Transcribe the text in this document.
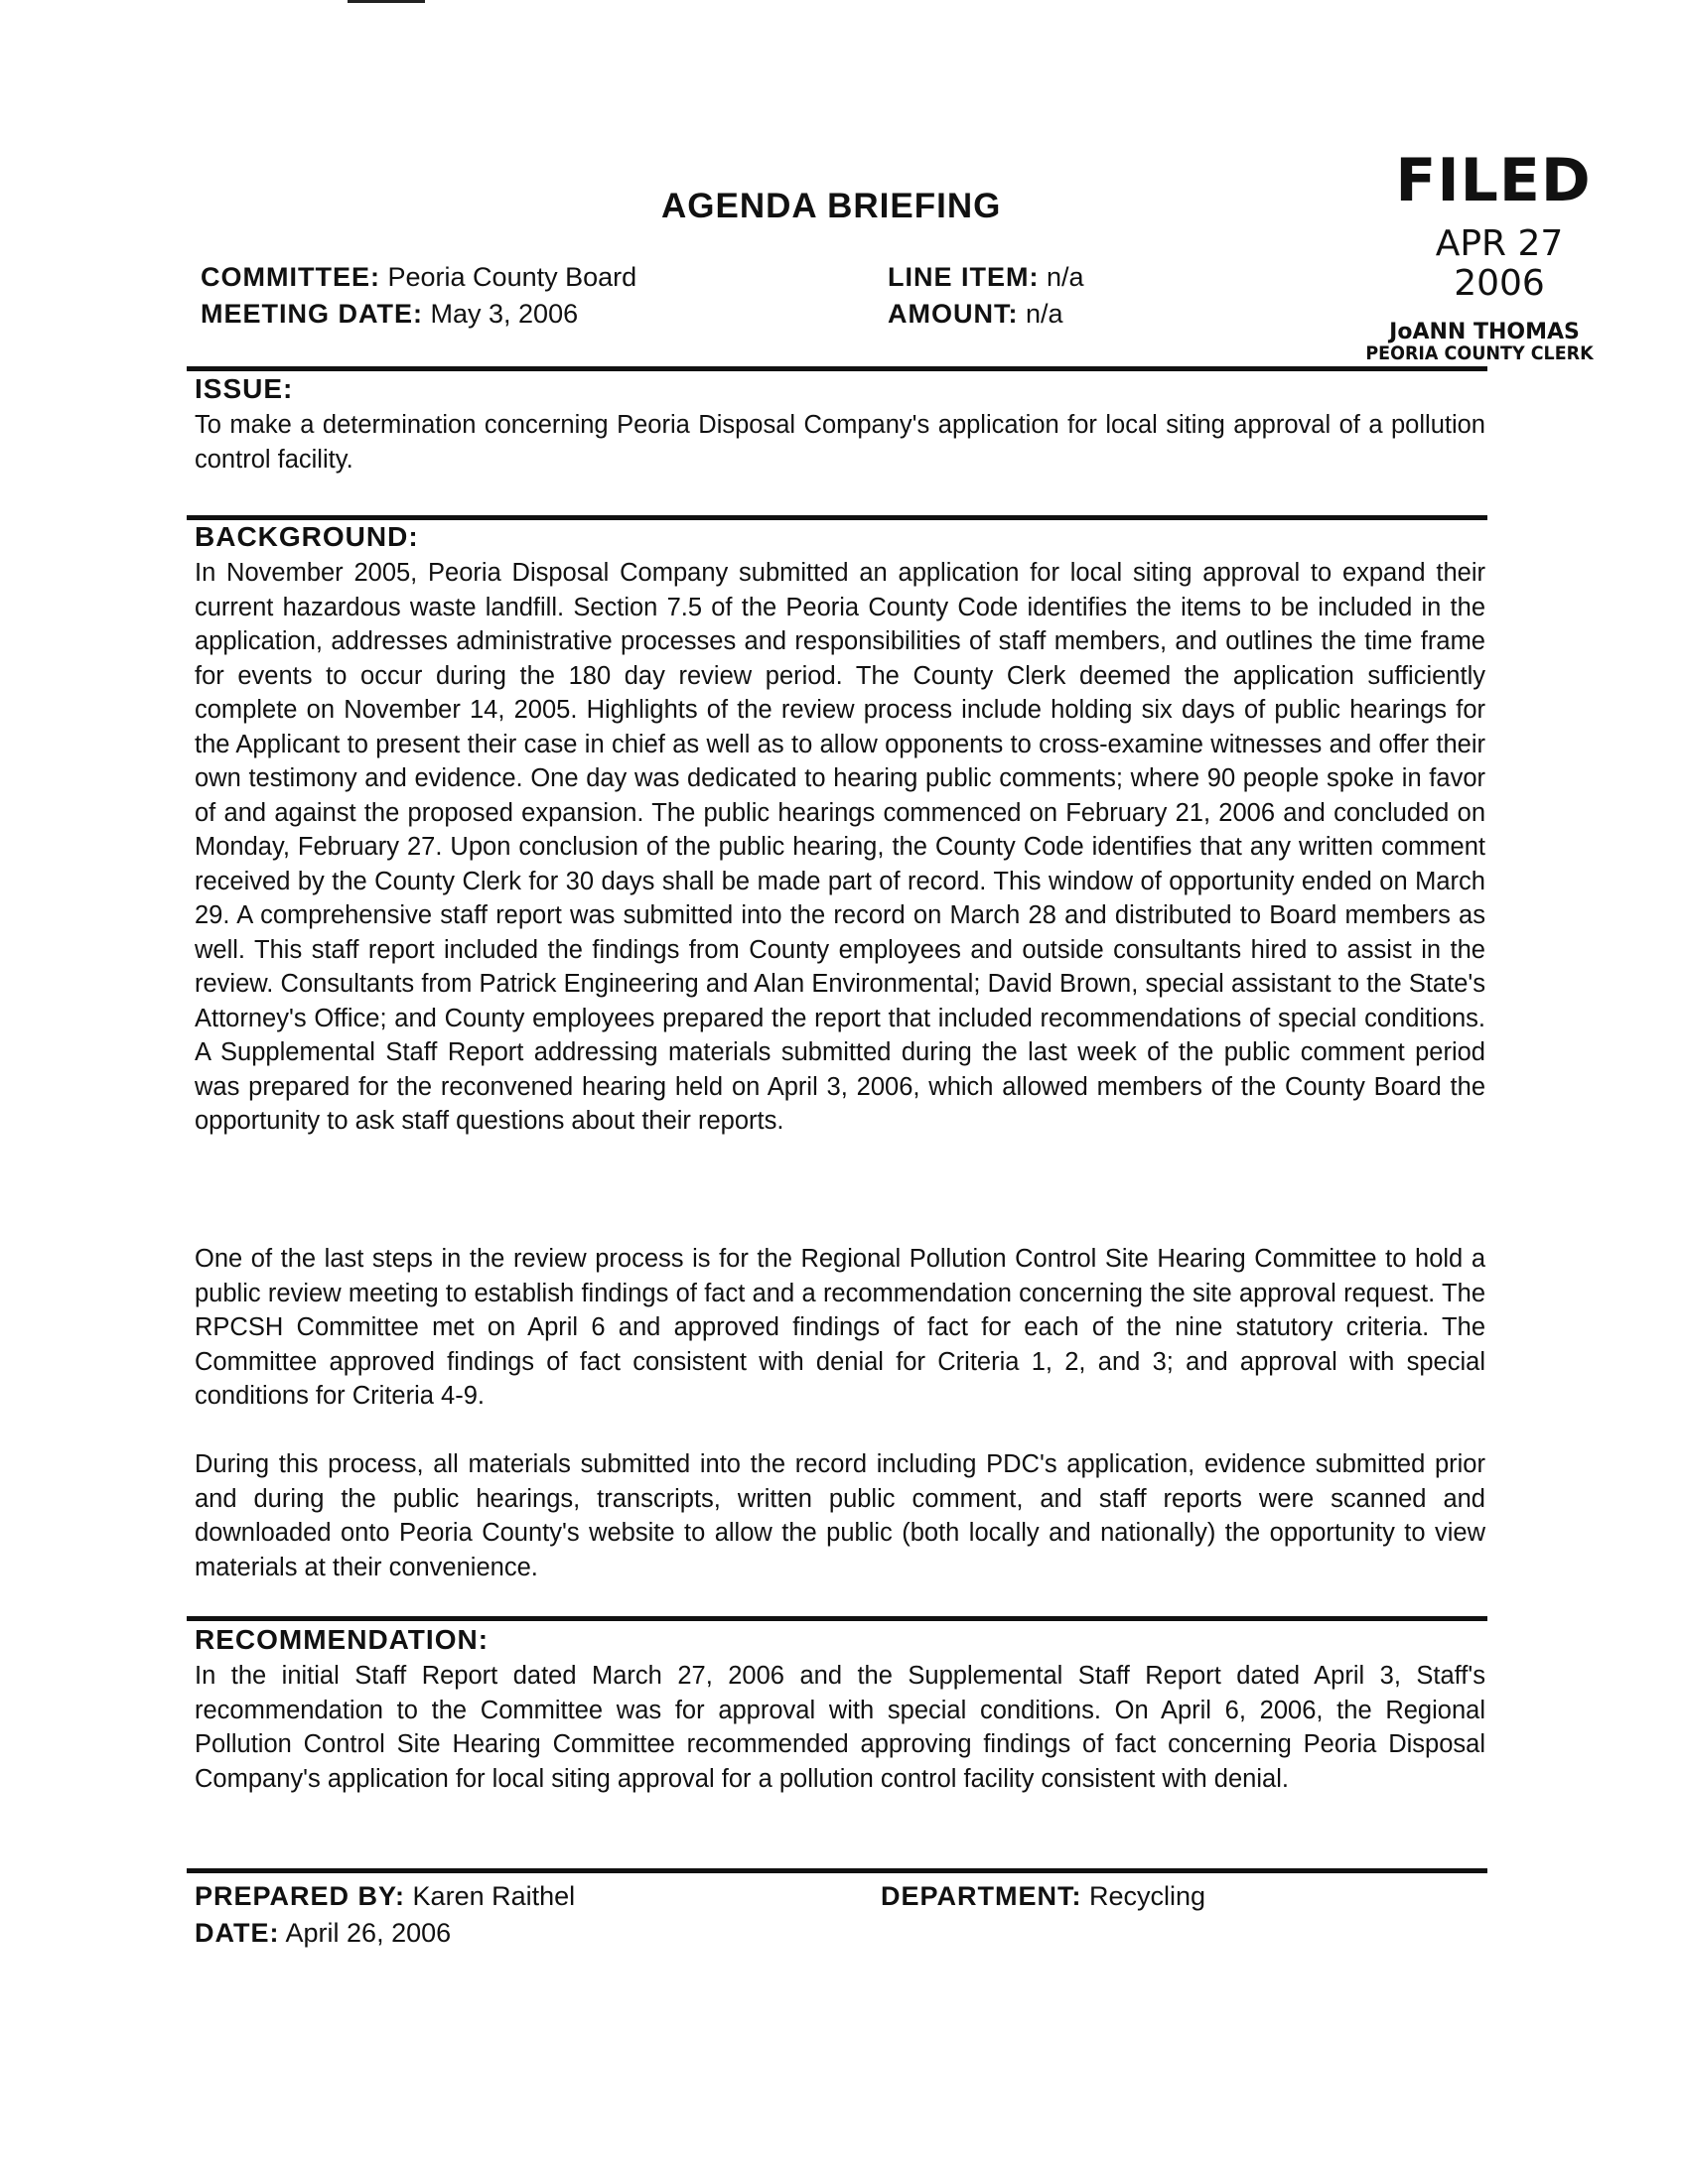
FILED
APR 27 2006
JoANN THOMAS
PEORIA COUNTY CLERK
AGENDA BRIEFING
COMMITTEE: Peoria County Board
MEETING DATE: May 3, 2006
LINE ITEM: n/a
AMOUNT: n/a
ISSUE:
To make a determination concerning Peoria Disposal Company's application for local siting approval of a pollution control facility.
BACKGROUND:
In November 2005, Peoria Disposal Company submitted an application for local siting approval to expand their current hazardous waste landfill. Section 7.5 of the Peoria County Code identifies the items to be included in the application, addresses administrative processes and responsibilities of staff members, and outlines the time frame for events to occur during the 180 day review period. The County Clerk deemed the application sufficiently complete on November 14, 2005. Highlights of the review process include holding six days of public hearings for the Applicant to present their case in chief as well as to allow opponents to cross-examine witnesses and offer their own testimony and evidence. One day was dedicated to hearing public comments; where 90 people spoke in favor of and against the proposed expansion. The public hearings commenced on February 21, 2006 and concluded on Monday, February 27. Upon conclusion of the public hearing, the County Code identifies that any written comment received by the County Clerk for 30 days shall be made part of record. This window of opportunity ended on March 29. A comprehensive staff report was submitted into the record on March 28 and distributed to Board members as well. This staff report included the findings from County employees and outside consultants hired to assist in the review. Consultants from Patrick Engineering and Alan Environmental; David Brown, special assistant to the State's Attorney's Office; and County employees prepared the report that included recommendations of special conditions. A Supplemental Staff Report addressing materials submitted during the last week of the public comment period was prepared for the reconvened hearing held on April 3, 2006, which allowed members of the County Board the opportunity to ask staff questions about their reports.
One of the last steps in the review process is for the Regional Pollution Control Site Hearing Committee to hold a public review meeting to establish findings of fact and a recommendation concerning the site approval request. The RPCSH Committee met on April 6 and approved findings of fact for each of the nine statutory criteria. The Committee approved findings of fact consistent with denial for Criteria 1, 2, and 3; and approval with special conditions for Criteria 4-9.
During this process, all materials submitted into the record including PDC's application, evidence submitted prior and during the public hearings, transcripts, written public comment, and staff reports were scanned and downloaded onto Peoria County's website to allow the public (both locally and nationally) the opportunity to view materials at their convenience.
RECOMMENDATION:
In the initial Staff Report dated March 27, 2006 and the Supplemental Staff Report dated April 3, Staff's recommendation to the Committee was for approval with special conditions. On April 6, 2006, the Regional Pollution Control Site Hearing Committee recommended approving findings of fact concerning Peoria Disposal Company's application for local siting approval for a pollution control facility consistent with denial.
PREPARED BY: Karen Raithel
DATE: April 26, 2006
DEPARTMENT: Recycling
